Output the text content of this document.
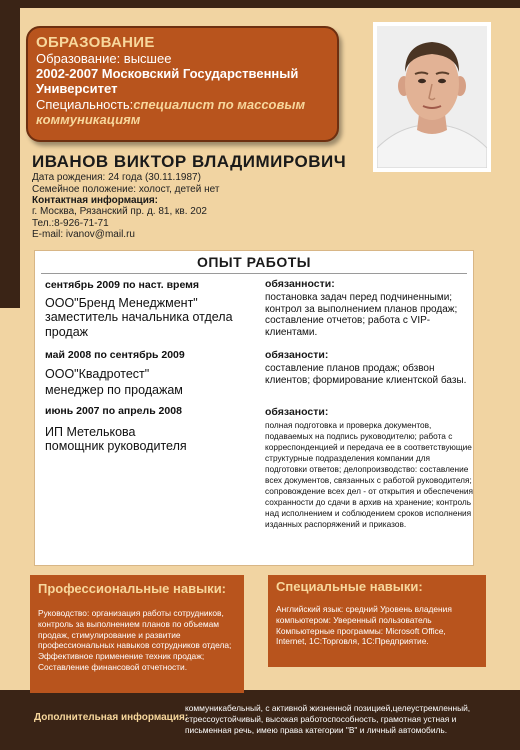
ОБРАЗОВАНИЕ
Образование: высшее
2002-2007 Московский Государственный Университет
Специальность:специалист по массовым коммуникациям
ИВАНОВ ВИКТОР ВЛАДИМИРОВИЧ
Дата рождения: 24 года (30.11.1987)
Семейное положение: холост, детей нет
Контактная информация:
г. Москва, Рязанский пр. д. 81, кв. 202
Тел.:8-926-71-71
E-mail: ivanov@mail.ru
ОПЫТ РАБОТЫ
сентябрь 2009 по наст. время
ООО"Бренд Менеджмент"
заместитель начальника отдела продаж
обязанности:
постановка задач перед подчиненными; контрол за выполнением планов продаж; составление отчетов; работа с VIP-клиентами.
май 2008 по сентябрь 2009
ООО"Квадротест"
менеджер по продажам
обязаности:
составление планов продаж; обзвон клиентов; формирование клиентской базы.
июнь 2007 по апрель 2008
ИП Метелькова
помощник руководителя
обязаности:
полная подготовка и проверка документов, подаваемых на подпись руководителю; работа с корреспонденцией и передача ее в соответствующие структурные подразделения компании для подготовки ответов; делопроизводство: составление всех документов, связанных с работой руководителя; сопровождение всех дел - от открытия и обеспечения сохранности до сдачи в архив на хранение; контроль над исполнением и соблюдением сроков исполнения изданных распоряжений и приказов.
Профессиональные навыки:
Руководство: организация работы сотрудников, контроль за выполнением планов по объемам продаж, стимулирование и развитие профессиональных навыков сотрудников отдела; Эффективное применение техник продаж; Составление финансовой отчетности.
Специальные навыки:
Английский язык: средний Уровень владения компьютером: Уверенный пользователь Компьютерные программы: Microsoft Office, Internet, 1С:Торговля, 1С:Предприятие.
Дополнительная информация:
коммуникабельный, с активной жизненной позицией,целеустремленный, стрессоустойчивый, высокая работоспособность, грамотная устная и письменная речь, имею права категории "В" и личный автомобиль.
